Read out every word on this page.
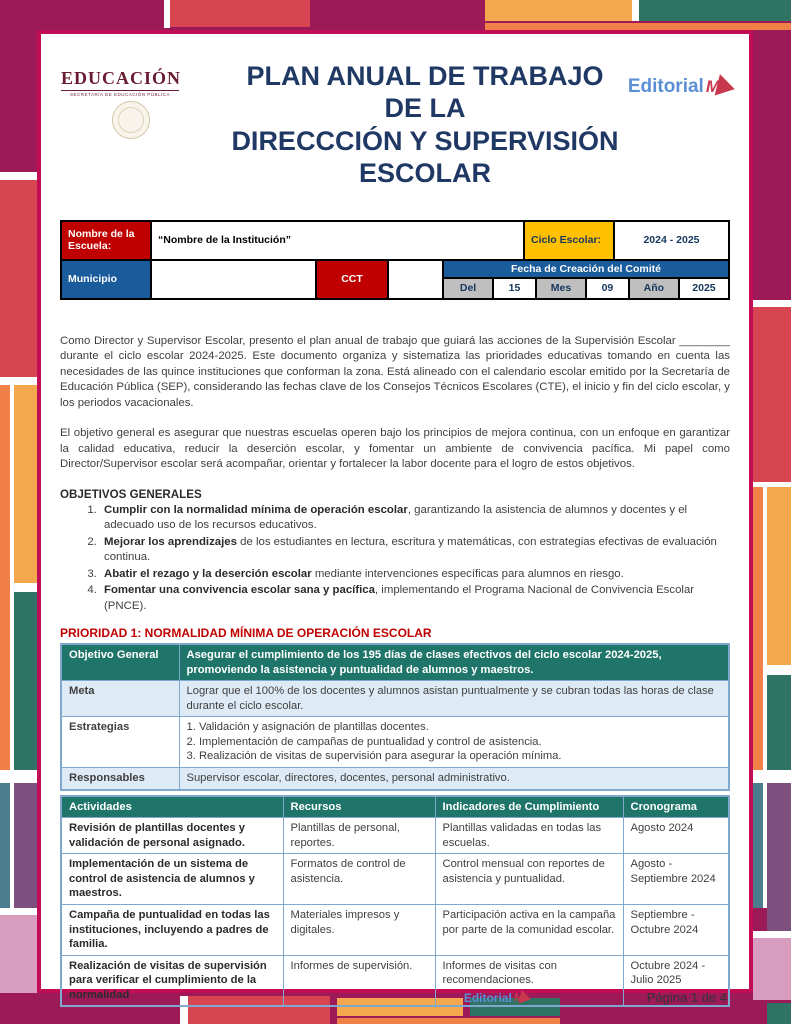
EDUCACIÓN
SECRETARÍA DE EDUCACIÓN PÚBLICA	Editorial M
PLAN ANUAL DE TRABAJO DE LA
DIRECCCIÓN Y SUPERVISIÓN
ESCOLAR
Nombre de la Escuela:
“Nombre de la Institución”	Ciclo Escolar:	2024 - 2025
Municipio	CCT
Fecha de Creación del Comité
Del	15	Mes	09	Año	2025

Como Director y Supervisor Escolar, presento el plan anual de trabajo que guiará las acciones de la Supervisión Escolar ________ durante el ciclo escolar 2024-2025. Este documento organiza y sistematiza las prioridades educativas tomando en cuenta las necesidades de las quince instituciones que conforman la zona. Está alineado con el calendario escolar emitido por la Secretaría de Educación Pública (SEP), considerando las fechas clave de los Consejos Técnicos Escolares (CTE), el inicio y fin del ciclo escolar, y los periodos vacacionales.

El objetivo general es asegurar que nuestras escuelas operen bajo los principios de mejora continua, con un enfoque en garantizar la calidad educativa, reducir la deserción escolar, y fomentar un ambiente de convivencia pacífica. Mi papel como Director/Supervisor escolar será acompañar, orientar y fortalecer la labor docente para el logro de estos objetivos.

OBJETIVOS GENERALES
1. Cumplir con la normalidad mínima de operación escolar, garantizando la asistencia de alumnos y docentes y el adecuado uso de los recursos educativos.
2. Mejorar los aprendizajes de los estudiantes en lectura, escritura y matemáticas, con estrategias efectivas de evaluación continua.
3. Abatir el rezago y la deserción escolar mediante intervenciones específicas para alumnos en riesgo.
4. Fomentar una convivencia escolar sana y pacífica, implementando el Programa Nacional de Convivencia Escolar (PNCE).
PRIORIDAD 1: NORMALIDAD MÍNIMA DE OPERACIÓN ESCOLAR
Objetivo General	Asegurar el cumplimiento de los 195 días de clases efectivos del ciclo escolar 2024-2025, promoviendo la asistencia y puntualidad de alumnos y maestros.
Meta	Lograr que el 100% de los docentes y alumnos asistan puntualmente y se cubran todas las horas de clase durante el ciclo escolar.
Estrategias	1. Validación y asignación de plantillas docentes.
2. Implementación de campañas de puntualidad y control de asistencia.
3. Realización de visitas de supervisión para asegurar la operación mínima.

Responsables	Supervisor escolar, directores, docentes, personal administrativo.
Actividades	Recursos	Indicadores de Cumplimiento	Cronograma
Revisión de plantillas docentes y validación de personal asignado.	Plantillas de personal, reportes.	Plantillas validadas en todas las escuelas.	Agosto 2024
Implementación de un sistema de control de asistencia de alumnos y maestros.	Formatos de control de asistencia.	Control mensual con reportes de asistencia y puntualidad.	Agosto - Septiembre 2024
Campaña de puntualidad en todas las instituciones, incluyendo a padres de familia.	Materiales impresos y digitales.	Participación activa en la campaña por parte de la comunidad escolar.	Septiembre - Octubre 2024
Realización de visitas de supervisión para verificar el cumplimiento de la normalidad	Informes de supervisión.	Informes de visitas con recomendaciones.	Octubre 2024 - Julio 2025
Editorial M	Página 1 de 4
